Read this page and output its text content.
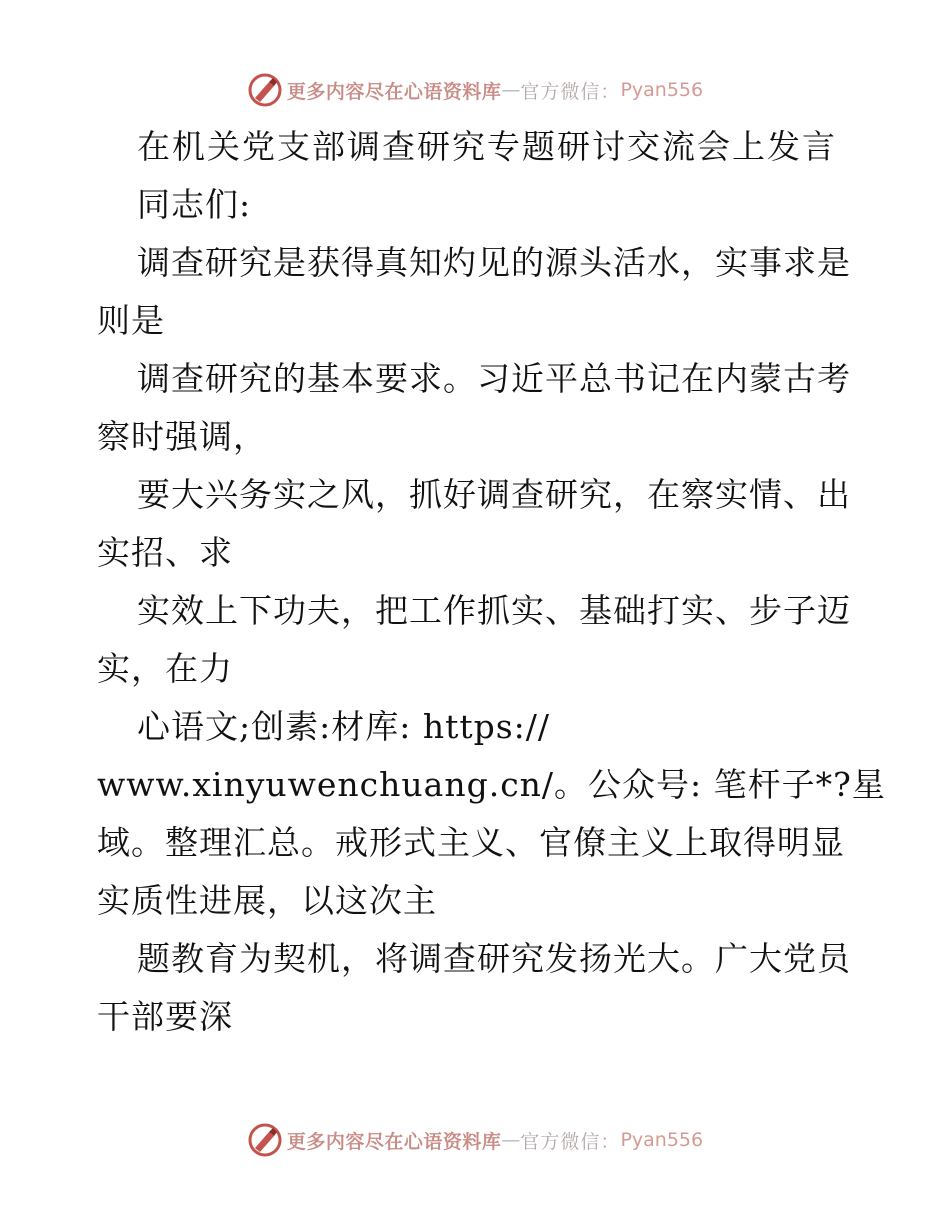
更多内容尽在心语资料库 — 官方微信： Pyan556
在机关党支部调查研究专题研讨交流会上发言
同志们:
调查研究是获得真知灼见的源头活水，实事求是
则是
调查研究的基本要求。习近平总书记在内蒙古考
察时强调，
要大兴务实之风，抓好调查研究，在察实情、出
实招、求
实效上下功夫，把工作抓实、基础打实、步子迈
实，在力
心语文;创素:材库: https://
www.xinyuwenchuang.cn/。公众号: 笔杆子*?星
域。整理汇总。戒形式主义、官僚主义上取得明显
实质性进展，以这次主
题教育为契机，将调查研究发扬光大。广大党员
干部要深
更多内容尽在心语资料库 — 官方微信： Pyan556
